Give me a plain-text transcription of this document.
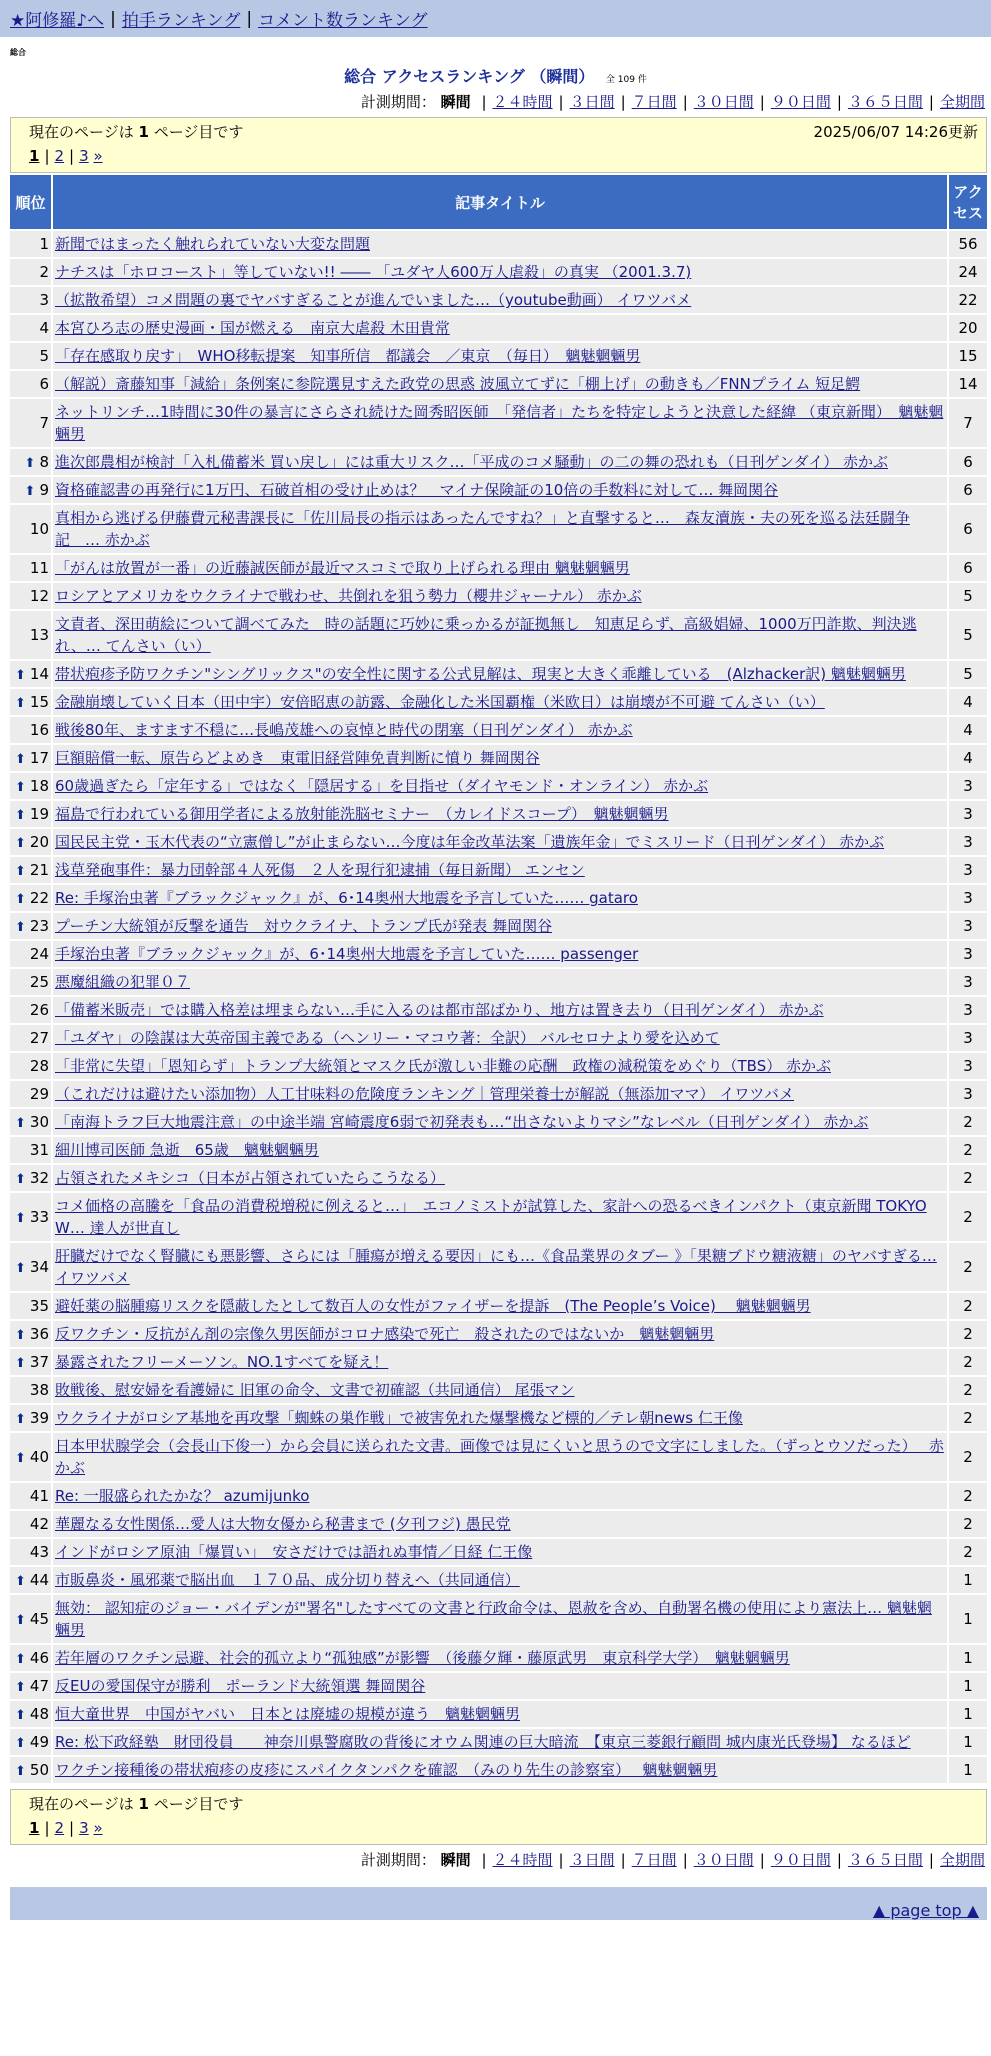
★阿修羅♪へ | 拍手ランキング | コメント数ランキング
総合
総合 アクセスランキング （瞬間） 全 109 件
計測期間： 瞬間 | ２４時間 | ３日間 | ７日間 | ３０日間 | ９０日間 | ３６５日間 | 全期間
現在のページは 1 ページ目です	2025/06/07 14:26更新
1 | 2 | 3 »
順位	記事タイトル	アクセス
1	新聞ではまったく触れられていない大変な問題	56
2	ナチスは「ホロコースト」等していない!! ―― 「ユダヤ人600万人虐殺」の真実 （2001.3.7)	24
3	（拡散希望）コメ問題の裏でヤバすぎることが進んでいました…（youtube動画） イワツバメ	22
4	本宮ひろ志の歴史漫画・国が燃える　南京大虐殺 木田貴常	20
5	「存在感取り戻す」　WHO移転提案　知事所信　都議会　／東京　（毎日）　魑魅魍魎男	15
6	（解説）斎藤知事「減給」条例案に参院選見すえた政党の思惑 波風立てずに「棚上げ」の動きも／FNNプライム 短足鰐	14
7	ネットリンチ…1時間に30件の暴言にさらされ続けた岡秀昭医師　「発信者」たちを特定しようと決意した経緯 （東京新聞）　魑魅魍魎男	7
⬆ 8	進次郎農相が検討「入札備蓄米 買い戻し」には重大リスク…「平成のコメ騒動」の二の舞の恐れも（日刊ゲンダイ） 赤かぶ	6
⬆ 9	資格確認書の再発行に1万円、石破首相の受け止めは？　マイナ保険証の10倍の手数料に対して… 舞岡関谷	6
10	真相から逃げる伊藤費元秘書課長に「佐川局長の指示はあったんですね？」と直撃すると…　森友瀆族・夫の死を巡る法廷闘争記　… 赤かぶ	6
11	「がんは放置が一番」の近藤誠医師が最近マスコミで取り上げられる理由 魑魅魍魎男	6
12	ロシアとアメリカをウクライナで戦わせ、共倒れを狙う勢力（櫻井ジャーナル） 赤かぶ	5
13	文責者、深田萌絵について調べてみた　時の話題に巧妙に乗っかるが証拠無し　知恵足らず、高級娼婦、1000万円詐欺、判決逃れ、… てんさい（い）	5
⬆ 14	帯状疱疹予防ワクチン"シングリックス"の安全性に関する公式見解は、現実と大きく乖離している　(Alzhacker訳) 魑魅魍魎男	5
⬆ 15	金融崩壊していく日本（田中宇）安倍昭恵の訪露、金融化した米国覇権（米欧日）は崩壊が不可避 てんさい（い）	4
16	戦後80年、ますます不穏に…長嶋茂雄への哀悼と時代の閉塞（日刊ゲンダイ） 赤かぶ	4
⬆ 17	巨額賠償一転、原告らどよめき　東電旧経営陣免責判断に憤り 舞岡関谷	4
⬆ 18	60歳過ぎたら「定年する」ではなく「隠居する」を目指せ（ダイヤモンド・オンライン） 赤かぶ	3
⬆ 19	福島で行われている御用学者による放射能洗脳セミナー　（カレイドスコープ）　魑魅魍魎男	3
⬆ 20	国民民主党・玉木代表の“立憲僧し”が止まらない…今度は年金改革法案「遺族年金」でミスリード（日刊ゲンダイ） 赤かぶ	3
⬆ 21	浅草発砲事件：暴力団幹部４人死傷　２人を現行犯逮捕（毎日新聞） エンセン	3
⬆ 22	Re: 手塚治虫著『ブラックジャック』が、6･14奥州大地震を予言していた…… gataro	3
⬆ 23	プーチン大統領が反撃を通告　対ウクライナ、トランプ氏が発表 舞岡関谷	3
24	手塚治虫著『ブラックジャック』が、6･14奥州大地震を予言していた…… passenger	3
25	悪魔組織の犯罪０７	3
26	「備蓄米販売」では購入格差は埋まらない…手に入るのは都市部ばかり、地方は置き去り（日刊ゲンダイ） 赤かぶ	3
27	「ユダヤ」の陰謀は大英帝国主義である（ヘンリー・マコウ著：全訳） バルセロナより愛を込めて	3
28	「非常に失望」「恩知らず」トランプ大統領とマスク氏が激しい非難の応酬　政権の減税策をめぐり（TBS） 赤かぶ	3
29	（これだけは避けたい添加物）人工甘味料の危険度ランキング｜管理栄養士が解説（無添加ママ） イワツバメ	3
⬆ 30	「南海トラフ巨大地震注意」の中途半端 宮崎震度6弱で初発表も…“出さないよりマシ”なレベル（日刊ゲンダイ） 赤かぶ	2
31	細川博司医師 急逝　65歳　魑魅魍魎男	2
⬆ 32	占領されたメキシコ（日本が占領されていたらこうなる）	2
⬆ 33	コメ価格の高騰を「食品の消費税増税に例えると…」　エコノミストが試算した、家計への恐るべきインパクト（東京新聞 TOKYO W… 達人が世直し	2
⬆ 34	肝臓だけでなく腎臓にも悪影響、さらには「腫瘍が増える要因」にも…《食品業界のタブー 》「果糖ブドウ糖液糖」のヤバすぎる… イワツバメ	2
35	避妊薬の脳腫瘍リスクを隠蔽したとして数百人の女性がファイザーを提訴　(The People’s Voice)　 魑魅魍魎男	2
⬆ 36	反ワクチン・反抗がん剤の宗像久男医師がコロナ感染で死亡　殺されたのではないか　魑魅魍魎男	2
⬆ 37	暴露されたフリーメーソン。NO.1すべてを疑え！	2
38	敗戦後、慰安婦を看護婦に 旧軍の命令、文書で初確認（共同通信） 尾張マン	2
⬆ 39	ウクライナがロシア基地を再攻撃「蜘蛛の巣作戦」で被害免れた爆撃機など標的／テレ朝news 仁王像	2
⬆ 40	日本甲状腺学会（会長山下俊一）から会員に送られた文書。画像では見にくいと思うので文字にしました。（ずっとウソだった）　 赤かぶ	2
41	Re: 一服盛られたかな？ azumijunko	2
42	華麗なる女性関係…愛人は大物女優から秘書まで (夕刊フジ) 愚民党	2
43	インドがロシア原油「爆買い」　安さだけでは語れぬ事情／日経 仁王像	2
⬆ 44	市販鼻炎・風邪薬で脳出血　１７０品、成分切り替えへ（共同通信）	1
⬆ 45	無効： 認知症のジョー・バイデンが"署名"したすべての文書と行政命令は、恩赦を含め、自動署名機の使用により憲法上… 魑魅魍魎男	1
⬆ 46	若年層のワクチン忌避、社会的孤立より“孤独感”が影響　（後藤夕輝・藤原武男　東京科学大学）　魑魅魍魎男	1
⬆ 47	反EUの愛国保守が勝利　ポーランド大統領選 舞岡関谷	1
⬆ 48	恒大童世界　中国がヤバい　日本とは廃墟の規模が違う　魑魅魍魎男	1
⬆ 49	Re: 松下政経塾　財団役員　　神奈川県警腐敗の背後にオウム関連の巨大暗流　【東京三菱銀行顧問 城内康光氏登場】 なるほど	1
⬆ 50	ワクチン接種後の帯状疱疹の皮疹にスパイクタンパクを確認　（みのり先生の診察室）　 魑魅魍魎男	1
現在のページは 1 ページ目です
1 | 2 | 3 »
計測期間： 瞬間 | ２４時間 | ３日間 | ７日間 | ３０日間 | ９０日間 | ３６５日間 | 全期間
▲ page top ▲
